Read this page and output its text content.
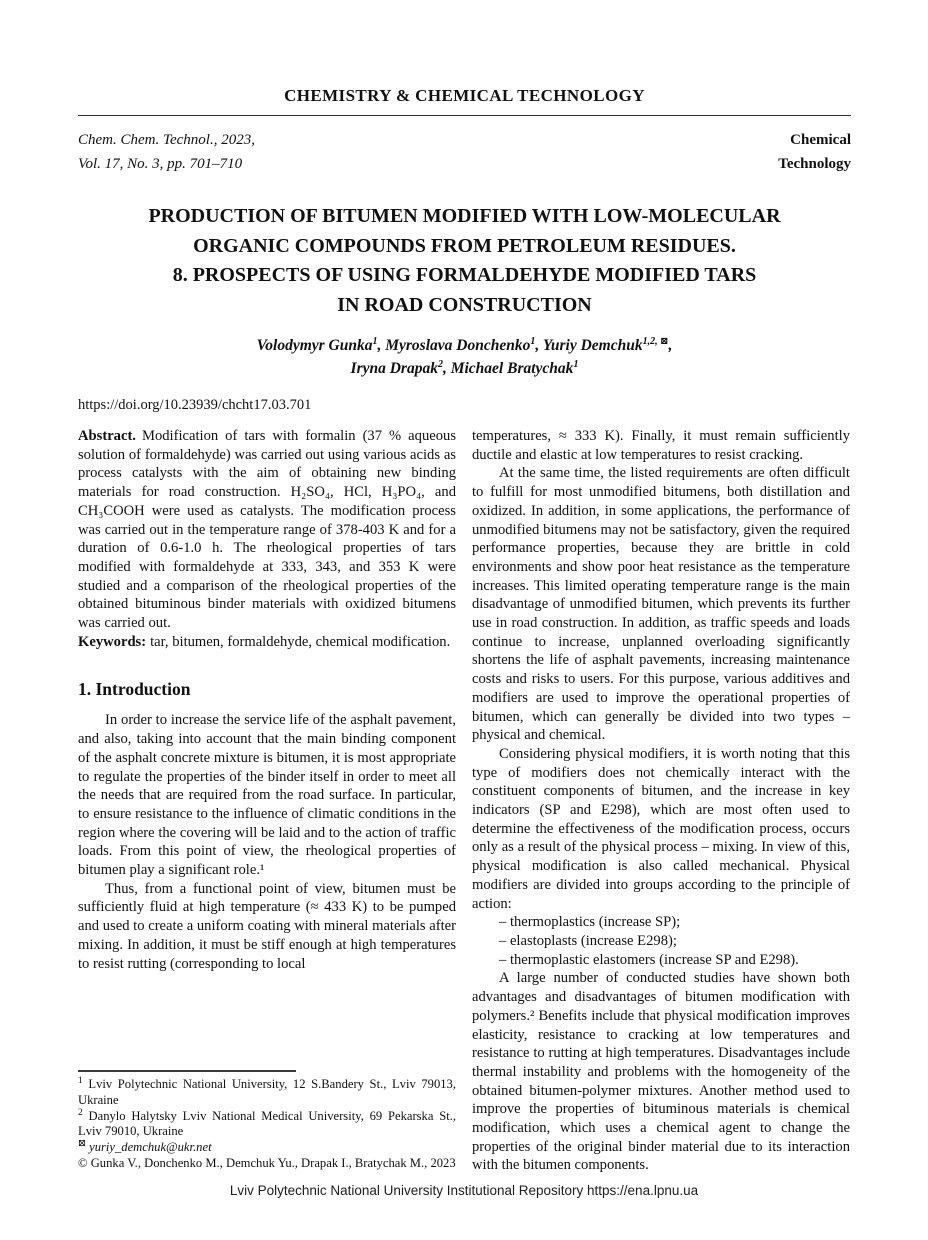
CHEMISTRY & CHEMICAL TECHNOLOGY
Chem. Chem. Technol., 2023,
Vol. 17, No. 3, pp. 701–710
Chemical
Technology
PRODUCTION OF BITUMEN MODIFIED WITH LOW-MOLECULAR
ORGANIC COMPOUNDS FROM PETROLEUM RESIDUES.
8. PROSPECTS OF USING FORMALDEHYDE MODIFIED TARS
IN ROAD CONSTRUCTION
Volodymyr Gunka$^1$, Myroslava Donchenko$^1$, Yuriy Demchuk$^{1,2, ⊠}$,
Iryna Drapak$^2$, Michael Bratychak$^1$
https://doi.org/10.23939/chcht17.03.701

Abstract. Modification of tars with formalin (37 % aqueous solution of formaldehyde) was carried out using various acids as process catalysts with the aim of obtaining new binding materials for road construction. H₂SO₄, HCl, H₃PO₄, and CH₃COOH were used as catalysts. The modification process was carried out in the temperature range of 378-403 K and for a duration of 0.6-1.0 h. The rheological properties of tars modified with formaldehyde at 333, 343, and 353 K were studied and a comparison of the rheological properties of the obtained bituminous binder materials with oxidized bitumens was carried out.

Keywords: tar, bitumen, formaldehyde, chemical modification.

1. Introduction

In order to increase the service life of the asphalt pavement, and also, taking into account that the main binding component of the asphalt concrete mixture is bitumen, it is most appropriate to regulate the properties of the binder itself in order to meet all the needs that are required from the road surface. In particular, to ensure resistance to the influence of climatic conditions in the region where the covering will be laid and to the action of traffic loads. From this point of view, the rheological properties of bitumen play a significant role.¹

Thus, from a functional point of view, bitumen must be sufficiently fluid at high temperature (≈ 433 K) to be pumped and used to create a uniform coating with mineral materials after mixing. In addition, it must be stiff enough at high temperatures to resist rutting (corresponding to local

$^1$ Lviv Polytechnic National University, 12 S.Bandery St., Lviv 79013, Ukraine
$^2$ Danylo Halytsky Lviv National Medical University, 69 Pekarska St., Lviv 79010, Ukraine
⊠ yuriy_demchuk@ukr.net
© Gunka V., Donchenko M., Demchuk Yu., Drapak I., Bratychak M., 2023

temperatures, ≈ 333 K). Finally, it must remain sufficiently ductile and elastic at low temperatures to resist cracking.

At the same time, the listed requirements are often difficult to fulfill for most unmodified bitumens, both distillation and oxidized. In addition, in some applications, the performance of unmodified bitumens may not be satisfactory, given the required performance properties, because they are brittle in cold environments and show poor heat resistance as the temperature increases. This limited operating temperature range is the main disadvantage of unmodified bitumen, which prevents its further use in road construction. In addition, as traffic speeds and loads continue to increase, unplanned overloading significantly shortens the life of asphalt pavements, increasing maintenance costs and risks to users. For this purpose, various additives and modifiers are used to improve the operational properties of bitumen, which can generally be divided into two types – physical and chemical.

Considering physical modifiers, it is worth noting that this type of modifiers does not chemically interact with the constituent components of bitumen, and the increase in key indicators (SP and E298), which are most often used to determine the effectiveness of the modification process, occurs only as a result of the physical process – mixing. In view of this, physical modification is also called mechanical. Physical modifiers are divided into groups according to the principle of action:

– thermoplastics (increase SP);

– elastoplasts (increase E298);

– thermoplastic elastomers (increase SP and E298).

A large number of conducted studies have shown both advantages and disadvantages of bitumen modification with polymers.² Benefits include that physical modification improves elasticity, resistance to cracking at low temperatures and resistance to rutting at high temperatures. Disadvantages include thermal instability and problems with the homogeneity of the obtained bitumen-polymer mixtures. Another method used to improve the properties of bituminous materials is chemical modification, which uses a chemical agent to change the properties of the original binder material due to its interaction with the bitumen components.

Lviv Polytechnic National University Institutional Repository https://ena.lpnu.ua
